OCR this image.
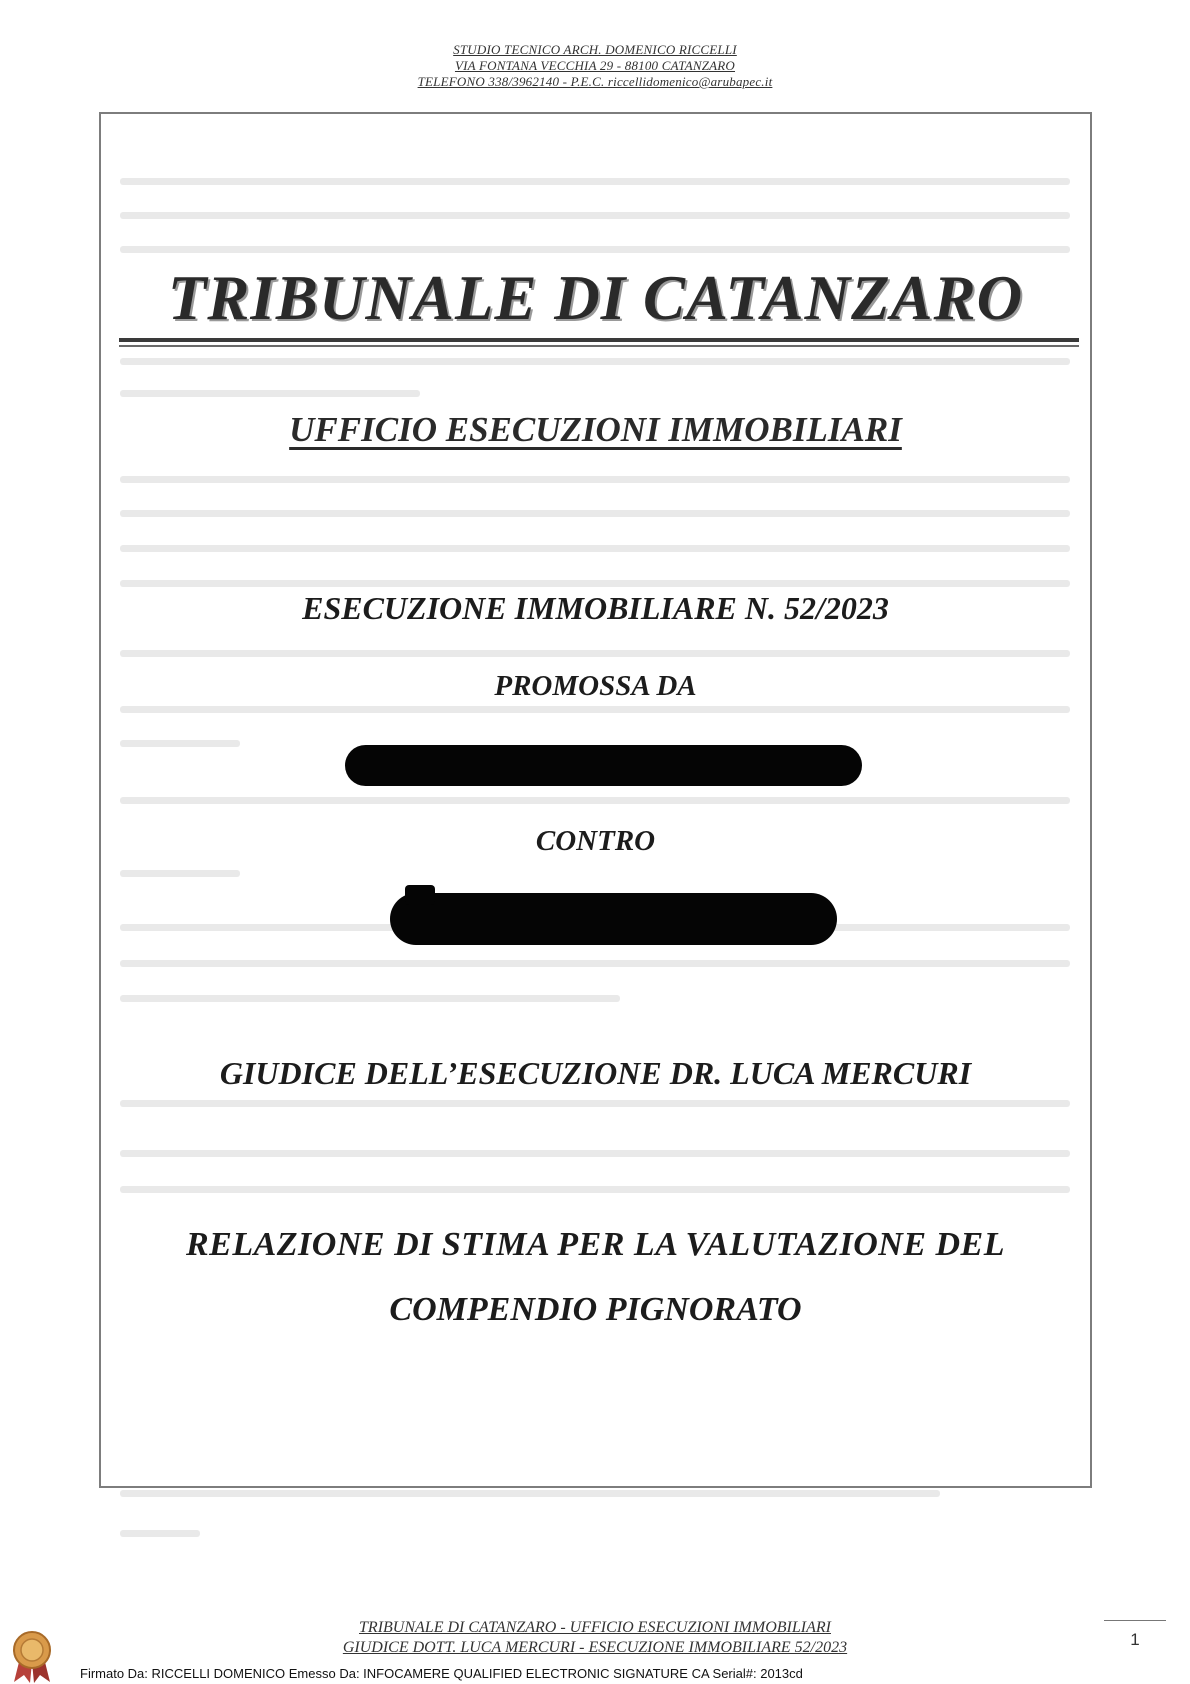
STUDIO TECNICO ARCH. DOMENICO RICCELLI
VIA FONTANA VECCHIA 29 - 88100 CATANZARO
TELEFONO 338/3962140 - P.E.C. riccellidomenico@arubapec.it
TRIBUNALE DI CATANZARO
UFFICIO ESECUZIONI IMMOBILIARI
ESECUZIONE IMMOBILIARE N. 52/2023
PROMOSSA DA
CONTRO
GIUDICE DELL’ESECUZIONE DR. LUCA MERCURI
RELAZIONE DI STIMA PER LA VALUTAZIONE DEL
COMPENDIO PIGNORATO
TRIBUNALE DI CATANZARO - UFFICIO ESECUZIONI IMMOBILIARI
GIUDICE DOTT. LUCA MERCURI - ESECUZIONE IMMOBILIARE 52/2023	1
Firmato Da: RICCELLI DOMENICO Emesso Da: INFOCAMERE QUALIFIED ELECTRONIC SIGNATURE CA Serial#: 2013cd
